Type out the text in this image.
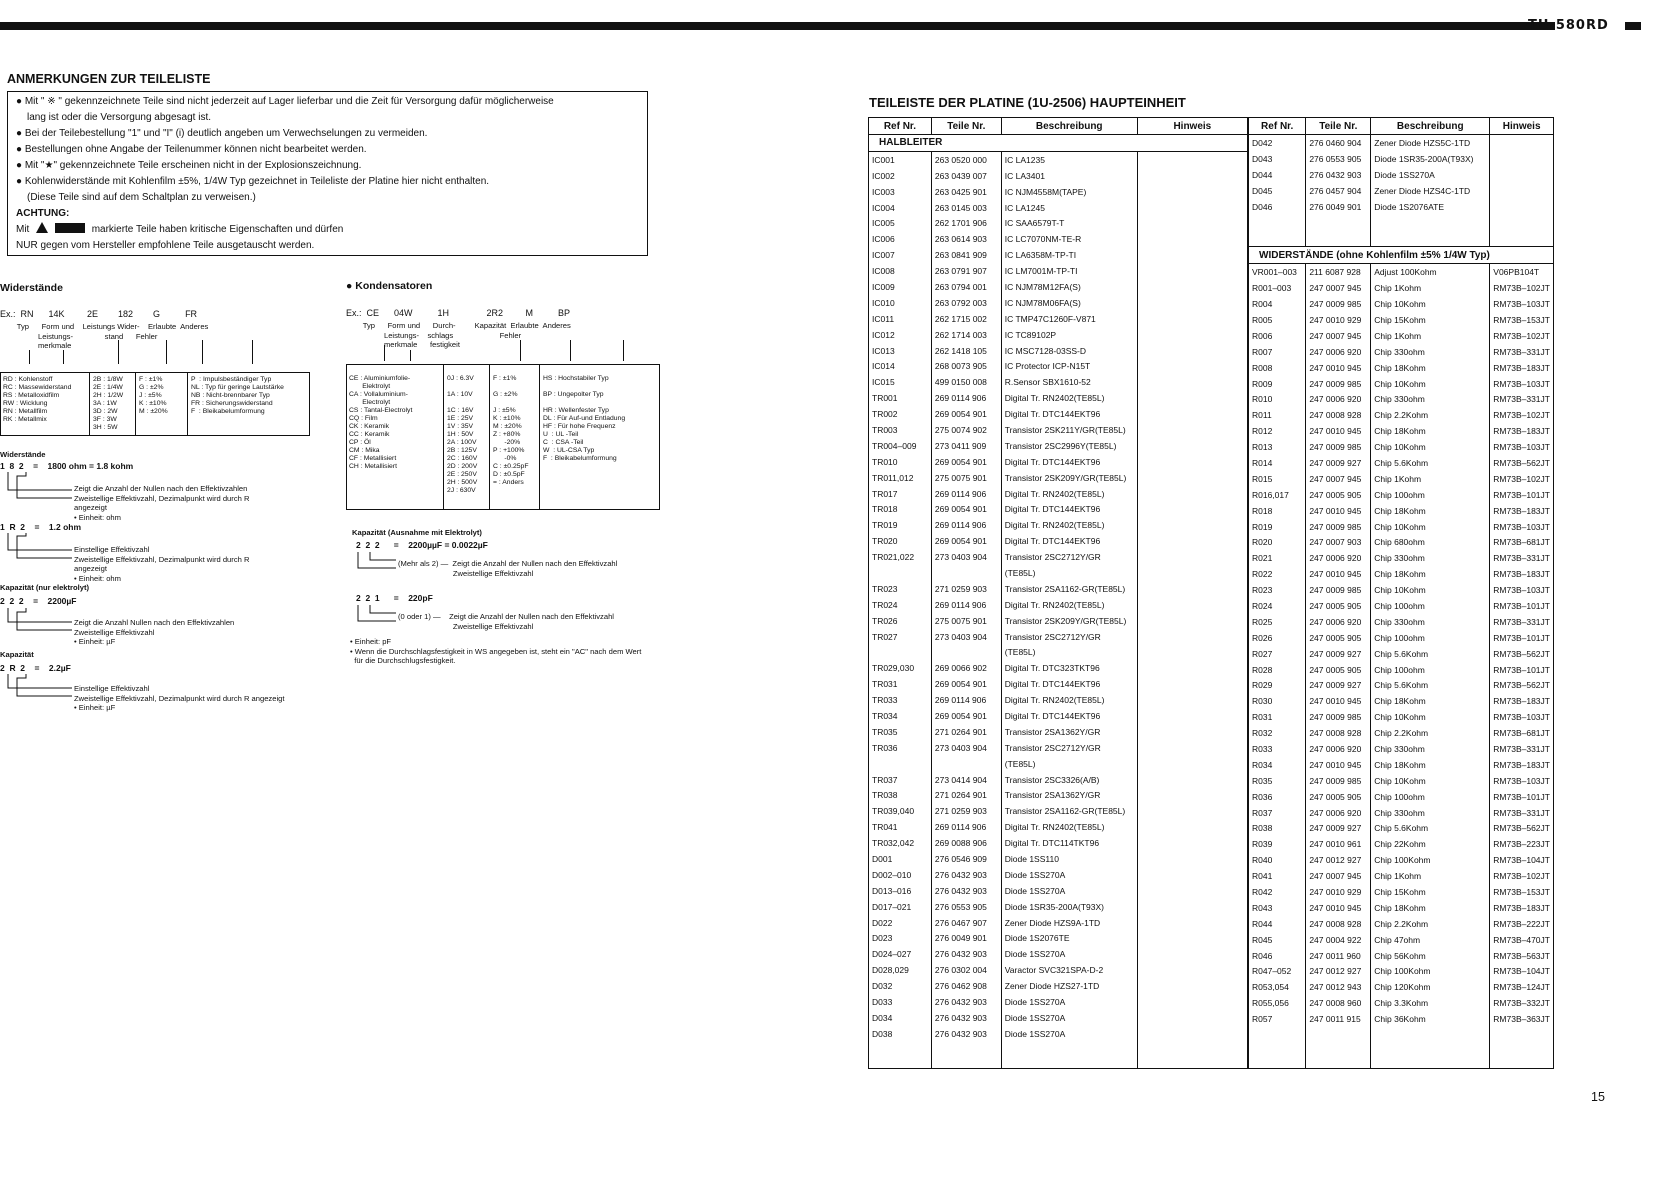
TU-580RD
ANMERKUNGEN ZUR TEILELISTE

● Mit " ※ " gekennzeichnete Teile sind nicht jederzeit auf Lager lieferbar und die Zeit für Versorgung dafür möglicherweise

lang ist oder die Versorgung abgesagt ist.

● Bei der Teilebestellung "1" und "I" (i) deutlich angeben um Verwechselungen zu vermeiden.

● Bestellungen ohne Angabe der Teilenummer können nicht bearbeitet werden.

● Mit "★" gekennzeichnete Teile erscheinen nicht in der Explosionszeichnung.

● Kohlenwiderstände mit Kohlenfilm ±5%, 1/4W Typ gezeichnet in Teileliste der Platine hier nicht enthalten.

(Diese Teile sind auf dem Schaltplan zu verweisen.)

ACHTUNG:

Mit	markierte Teile haben kritische Eigenschaften und dürfen

NUR gegen vom Hersteller empfohlene Teile ausgetauscht werden.

Widerstände
Ex.:  RN      14K         2E        182        G          FR
Typ      Form und    Leistungs Wider-    Erlaubte  Anderes
Leistungs-               stand      Fehler
merkmale

RD : Kohlenstoff
RC : Massewiderstand
RS : Metalloxidfilm
RW : Wicklung
RN : Metallfilm
RK : Metallmix

2B : 1/8W
2E : 1/4W
2H : 1/2W
3A : 1W
3D : 2W
3F : 3W
3H : 5W

F : ±1%
G : ±2%
J : ±5%
K : ±10%
M : ±20%

P  : Impulsbeständiger Typ
NL : Typ für geringe Lautstärke
NB : Nicht-brennbarer Typ
FR : Sicherungswiderstand
F  : Bleikabelumformung

Widerstände
1  8  2    =    1800 ohm = 1.8 kohm
Zeigt die Anzahl der Nullen nach den Effektivzahlen
Zweistellige Effektivzahl, Dezimalpunkt wird durch R
angezeigt
• Einheit: ohm
1  R  2    =    1.2 ohm
Einstellige Effektivzahl
Zweistellige Effektivzahl, Dezimalpunkt wird durch R
angezeigt
• Einheit: ohm
Kapazität (nur elektrolyt)
2  2  2    =    2200µF
Zeigt die Anzahl Nullen nach den Effektivzahlen
Zweistellige Effektivzahl
• Einheit: µF
Kapazität
2  R  2    =    2.2µF
Einstellige Effektivzahl
Zweistellige Effektivzahl, Dezimalpunkt wird durch R angezeigt
• Einheit: µF
● Kondensatoren
Ex.:  CE      04W          1H               2R2         M          BP
Typ      Form und      Durch-         Kapazität  Erlaubte  Anderes
Leistungs-    schlags                      Fehler
merkmale      festigkeit

CE : Aluminiumfolie-
Elektrolyt
CA : Vollaluminium-
Electrolyt
CS : Tantal-Electrolyt
CQ : Film
CK : Keramik
CC : Keramik
CP : Öl
CM : Mika
CF : Metallisiert
CH : Metallisiert

0J : 6.3V

1A : 10V

1C : 16V
1E : 25V
1V : 35V
1H : 50V
2A : 100V
2B : 125V
2C : 160V
2D : 200V
2E : 250V
2H : 500V
2J : 630V

F : ±1%

G : ±2%

J : ±5%
K : ±10%
M : ±20%
Z : +80%
-20%
P : +100%
-0%
C : ±0.25pF
D : ±0.5pF
= : Anders

HS : Hochstabiler Typ

BP : Ungepolter Typ

HR : Wellenfester Typ
DL : Für Auf-und Entladung
HF : Für hohe Frequenz
U  : UL -Teil
C  : CSA -Teil
W  : UL-CSA Typ
F  : Bleikabelumformung

Kapazität (Ausnahme mit Elektrolyt)
2  2  2      =    2200µµF = 0.0022µF
(Mehr als 2) —  Zeigt die Anzahl der Nullen nach den Effektivzahl
Zweistellige Effektivzahl
2  2  1      =    220pF
(0 oder 1) —    Zeigt die Anzahl der Nullen nach den Effektivzahl
Zweistellige Effektivzahl
• Einheit: pF
• Wenn die Durchschlagsfestigkeit in WS angegeben ist, steht ein "AC" nach dem Wert
für die Durchschlugsfestigkeit.
TEILEISTE DER PLATINE (1U-2506) HAUPTEINHEIT
Ref Nr.	Teile Nr.	Beschreibung	Hinweis
HALBLEITER			
IC001	263 0520 000	IC LA1235	
IC002	263 0439 007	IC LA3401	
IC003	263 0425 901	IC NJM4558M(TAPE)	
IC004	263 0145 003	IC LA1245	
IC005	262 1701 906	IC SAA6579T-T	
IC006	263 0614 903	IC LC7070NM-TE-R	
IC007	263 0841 909	IC LA6358M-TP-TI	
IC008	263 0791 907	IC LM7001M-TP-TI	
IC009	263 0794 001	IC NJM78M12FA(S)	
IC010	263 0792 003	IC NJM78M06FA(S)	
IC011	262 1715 002	IC TMP47C1260F-V871	
IC012	262 1714 003	IC TC89102P	
IC013	262 1418 105	IC MSC7128-03SS-D	
IC014	268 0073 905	IC Protector ICP-N15T	
IC015	499 0150 008	R.Sensor SBX1610-52	
TR001	269 0114 906	Digital Tr. RN2402(TE85L)	
TR002	269 0054 901	Digital Tr. DTC144EKT96	
TR003	275 0074 902	Transistor 2SK211Y/GR(TE85L)	
TR004–009	273 0411 909	Transistor 2SC2996Y(TE85L)	
TR010	269 0054 901	Digital Tr. DTC144EKT96	
TR011,012	275 0075 901	Transistor 2SK209Y/GR(TE85L)	
TR017	269 0114 906	Digital Tr. RN2402(TE85L)	
TR018	269 0054 901	Digital Tr. DTC144EKT96	
TR019	269 0114 906	Digital Tr. RN2402(TE85L)	
TR020	269 0054 901	Digital Tr. DTC144EKT96	
TR021,022	273 0403 904	Transistor 2SC2712Y/GR	
		(TE85L)	
TR023	271 0259 903	Transistor 2SA1162-GR(TE85L)	
TR024	269 0114 906	Digital Tr. RN2402(TE85L)	
TR026	275 0075 901	Transistor 2SK209Y/GR(TE85L)	
TR027	273 0403 904	Transistor 2SC2712Y/GR	
		(TE85L)	
TR029,030	269 0066 902	Digital Tr. DTC323TKT96	
TR031	269 0054 901	Digital Tr. DTC144EKT96	
TR033	269 0114 906	Digital Tr. RN2402(TE85L)	
TR034	269 0054 901	Digital Tr. DTC144EKT96	
TR035	271 0264 901	Transistor 2SA1362Y/GR	
TR036	273 0403 904	Transistor 2SC2712Y/GR	
		(TE85L)	
TR037	273 0414 904	Transistor 2SC3326(A/B)	
TR038	271 0264 901	Transistor 2SA1362Y/GR	
TR039,040	271 0259 903	Transistor 2SA1162-GR(TE85L)	
TR041	269 0114 906	Digital Tr. RN2402(TE85L)	
TR032,042	269 0088 906	Digital Tr. DTC114TKT96	
D001	276 0546 909	Diode 1SS110	
D002–010	276 0432 903	Diode 1SS270A	
D013–016	276 0432 903	Diode 1SS270A	
D017–021	276 0553 905	Diode 1SR35-200A(T93X)	
D022	276 0467 907	Zener Diode HZS9A-1TD	
D023	276 0049 901	Diode 1S2076TE	
D024–027	276 0432 903	Diode 1SS270A	
D028,029	276 0302 004	Varactor SVC321SPA-D-2	
D032	276 0462 908	Zener Diode HZS27-1TD	
D033	276 0432 903	Diode 1SS270A	
D034	276 0432 903	Diode 1SS270A	
D038	276 0432 903	Diode 1SS270A	

Ref Nr.	Teile Nr.	Beschreibung	Hinweis
D042	276 0460 904	Zener Diode HZS5C-1TD	
D043	276 0553 905	Diode 1SR35-200A(T93X)	
D044	276 0432 903	Diode 1SS270A	
D045	276 0457 904	Zener Diode HZS4C-1TD	
D046	276 0049 901	Diode 1S2076ATE	

WIDERSTÄNDE (ohne Kohlenfilm ±5% 1/4W Typ)			
VR001–003	211 6087 928	Adjust 100Kohm	V06PB104T
R001–003	247 0007 945	Chip 1Kohm	RM73B–102JT
R004	247 0009 985	Chip 10Kohm	RM73B–103JT
R005	247 0010 929	Chip 15Kohm	RM73B–153JT
R006	247 0007 945	Chip 1Kohm	RM73B–102JT
R007	247 0006 920	Chip 330ohm	RM73B–331JT
R008	247 0010 945	Chip 18Kohm	RM73B–183JT
R009	247 0009 985	Chip 10Kohm	RM73B–103JT
R010	247 0006 920	Chip 330ohm	RM73B–331JT
R011	247 0008 928	Chip 2.2Kohm	RM73B–102JT
R012	247 0010 945	Chip 18Kohm	RM73B–183JT
R013	247 0009 985	Chip 10Kohm	RM73B–103JT
R014	247 0009 927	Chip 5.6Kohm	RM73B–562JT
R015	247 0007 945	Chip 1Kohm	RM73B–102JT
R016,017	247 0005 905	Chip 100ohm	RM73B–101JT
R018	247 0010 945	Chip 18Kohm	RM73B–183JT
R019	247 0009 985	Chip 10Kohm	RM73B–103JT
R020	247 0007 903	Chip 680ohm	RM73B–681JT
R021	247 0006 920	Chip 330ohm	RM73B–331JT
R022	247 0010 945	Chip 18Kohm	RM73B–183JT
R023	247 0009 985	Chip 10Kohm	RM73B–103JT
R024	247 0005 905	Chip 100ohm	RM73B–101JT
R025	247 0006 920	Chip 330ohm	RM73B–331JT
R026	247 0005 905	Chip 100ohm	RM73B–101JT
R027	247 0009 927	Chip 5.6Kohm	RM73B–562JT
R028	247 0005 905	Chip 100ohm	RM73B–101JT
R029	247 0009 927	Chip 5.6Kohm	RM73B–562JT
R030	247 0010 945	Chip 18Kohm	RM73B–183JT
R031	247 0009 985	Chip 10Kohm	RM73B–103JT
R032	247 0008 928	Chip 2.2Kohm	RM73B–681JT
R033	247 0006 920	Chip 330ohm	RM73B–331JT
R034	247 0010 945	Chip 18Kohm	RM73B–183JT
R035	247 0009 985	Chip 10Kohm	RM73B–103JT
R036	247 0005 905	Chip 100ohm	RM73B–101JT
R037	247 0006 920	Chip 330ohm	RM73B–331JT
R038	247 0009 927	Chip 5.6Kohm	RM73B–562JT
R039	247 0010 961	Chip 22Kohm	RM73B–223JT
R040	247 0012 927	Chip 100Kohm	RM73B–104JT
R041	247 0007 945	Chip 1Kohm	RM73B–102JT
R042	247 0010 929	Chip 15Kohm	RM73B–153JT
R043	247 0010 945	Chip 18Kohm	RM73B–183JT
R044	247 0008 928	Chip 2.2Kohm	RM73B–222JT
R045	247 0004 922	Chip 47ohm	RM73B–470JT
R046	247 0011 960	Chip 56Kohm	RM73B–563JT
R047–052	247 0012 927	Chip 100Kohm	RM73B–104JT
R053,054	247 0012 943	Chip 120Kohm	RM73B–124JT
R055,056	247 0008 960	Chip 3.3Kohm	RM73B–332JT
R057	247 0011 915	Chip 36Kohm	RM73B–363JT

15
